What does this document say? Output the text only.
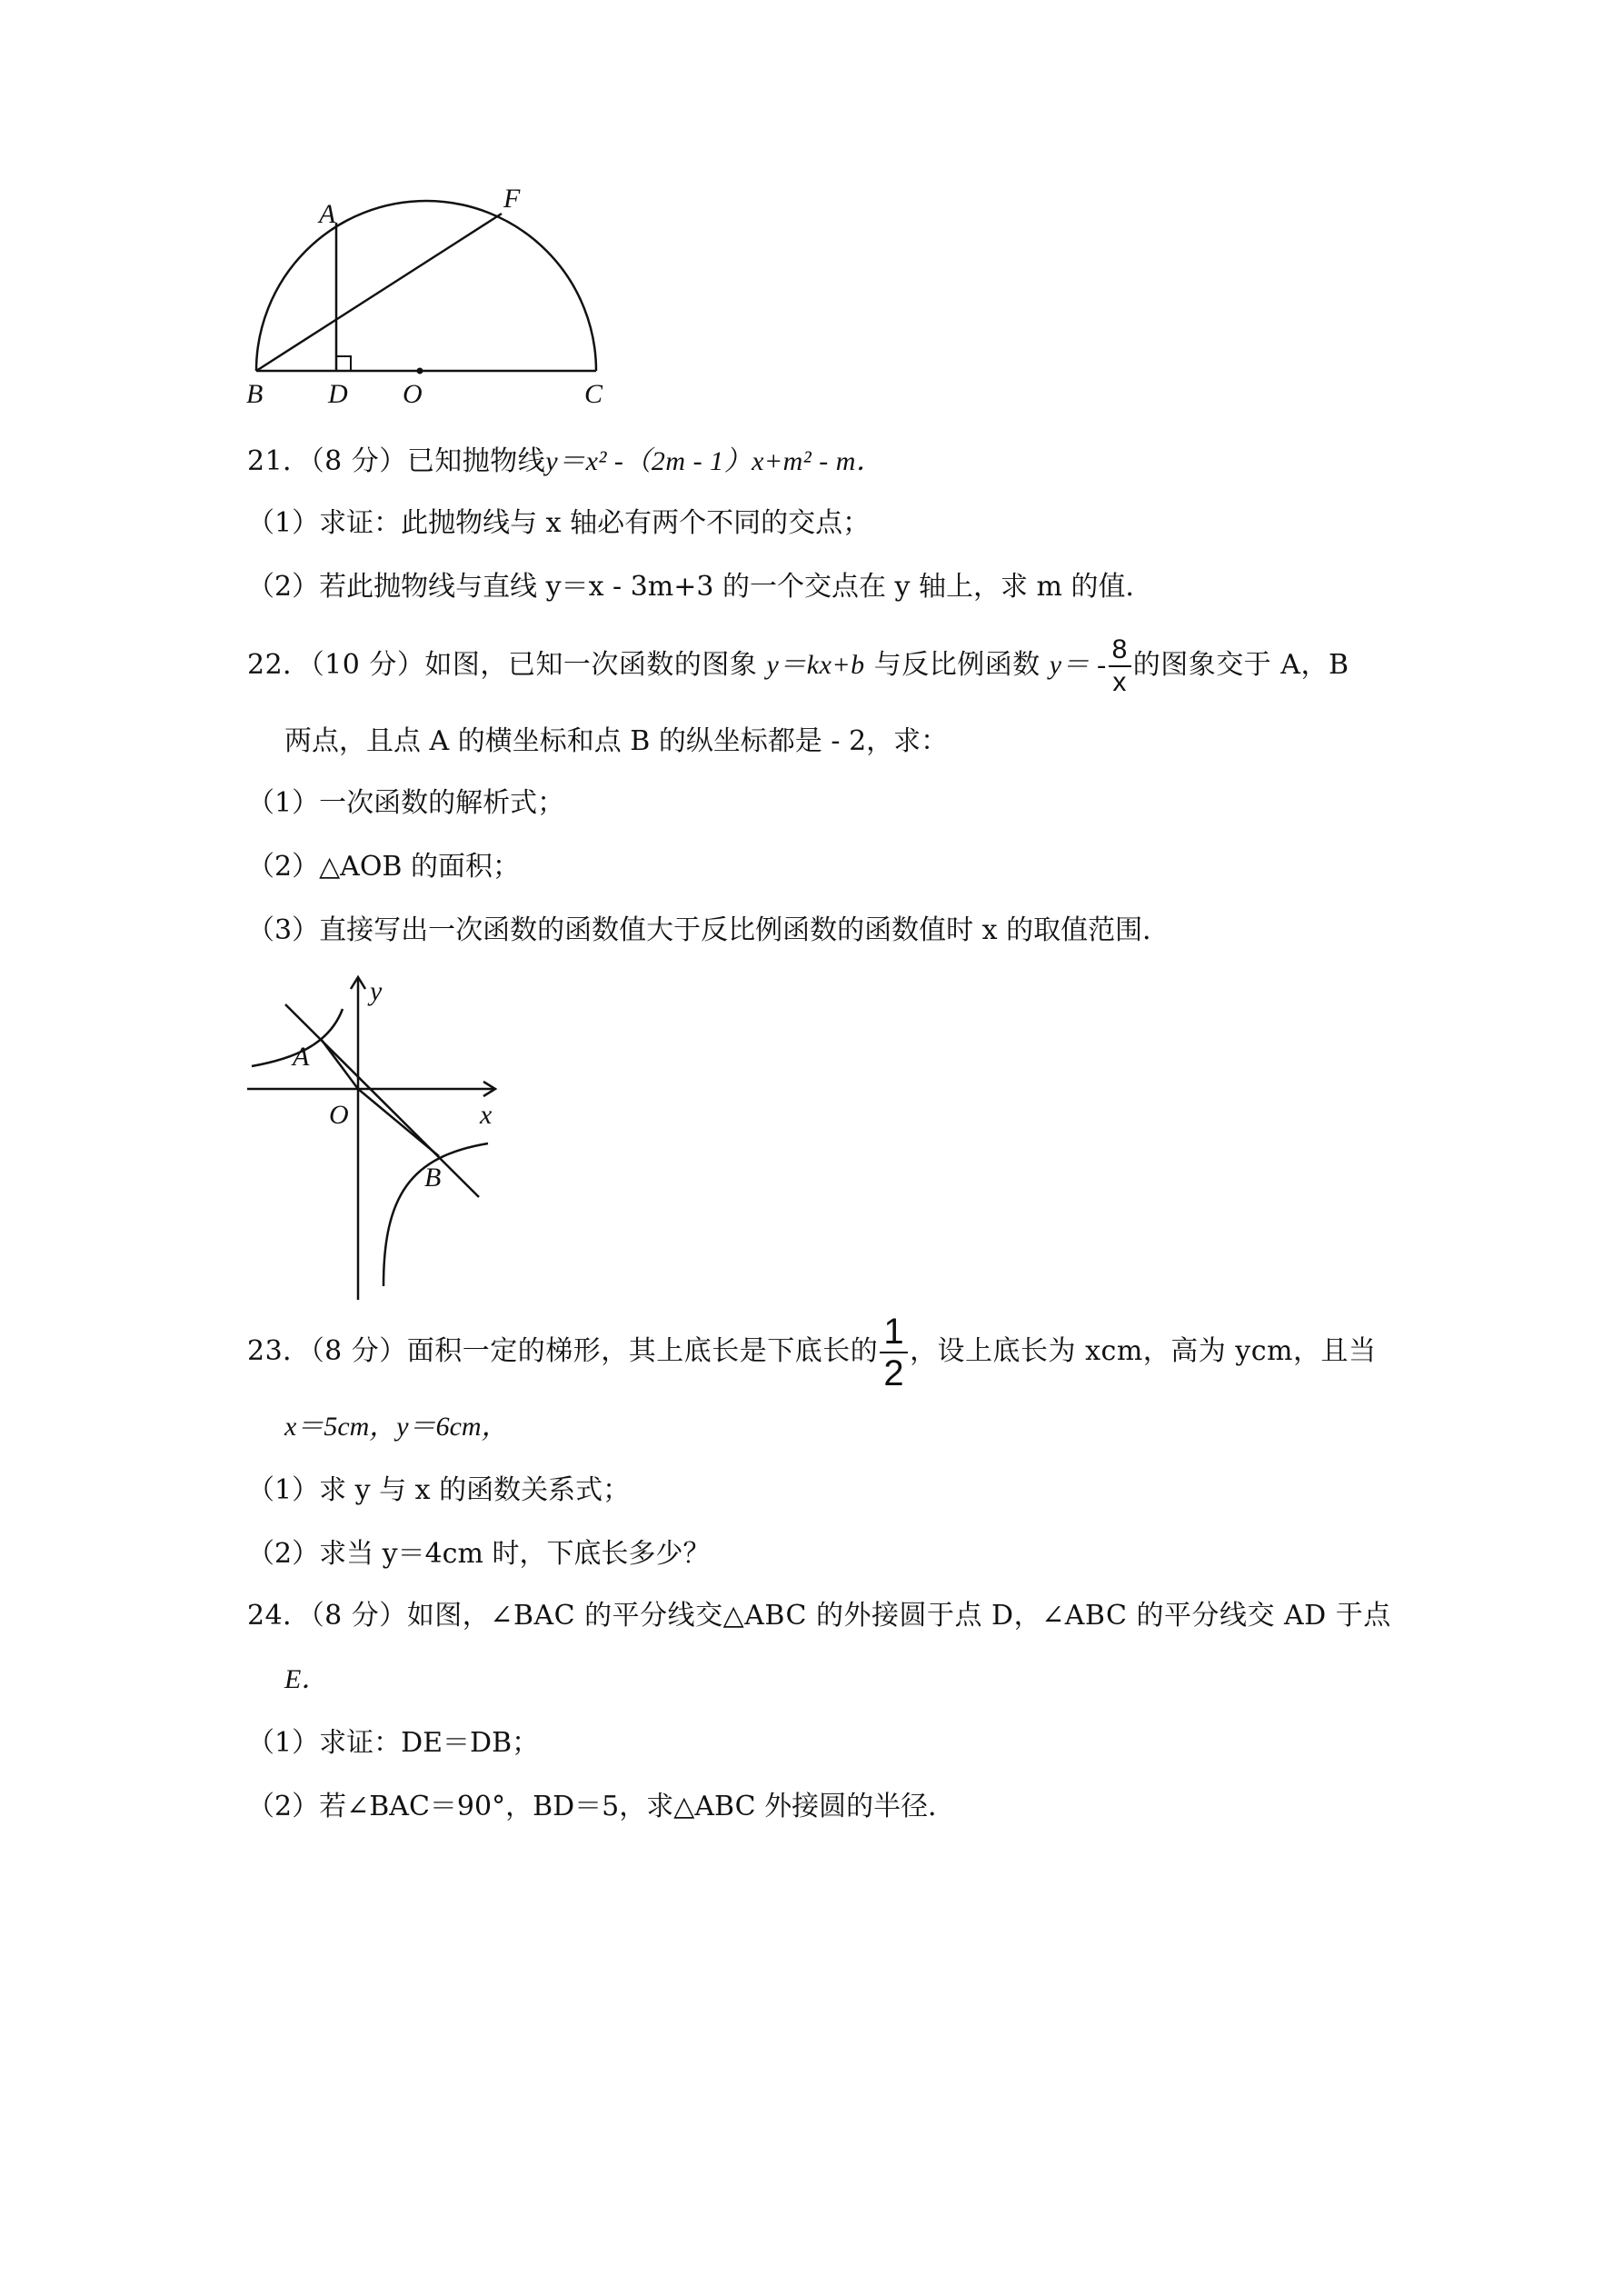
A
F
B D O	C
21．（8 分）已知抛物线y＝x² -（2m - 1）x+m² - m．
（1）求证：此抛物线与 x 轴必有两个不同的交点；
（2）若此抛物线与直线 y＝x - 3m+3 的一个交点在 y 轴上，求 m 的值．
22．（10 分）如图，已知一次函数的图象 y＝kx+b 与反比例函数 $y= - \frac{8}{x}$ 的图象交于 A，B
两点，且点 A 的横坐标和点 B 的纵坐标都是 - 2，求：
（1）一次函数的解析式；
（2）△AOB 的面积；
（3）直接写出一次函数的函数值大于反比例函数的函数值时 x 的取值范围．
y
A
O	x
B
23．（8 分）面积一定的梯形，其上底长是下底长的 $\frac{1}{2}$ ，设上底长为 xcm，高为 ycm，且当
x＝5cm，y＝6cm，
（1）求 y 与 x 的函数关系式；
（2）求当 y＝4cm 时，下底长多少？
24．（8 分）如图，∠BAC 的平分线交△ABC 的外接圆于点 D，∠ABC 的平分线交 AD 于点
E．
（1）求证：DE＝DB；
（2）若∠BAC＝90°，BD＝5，求△ABC 外接圆的半径．
